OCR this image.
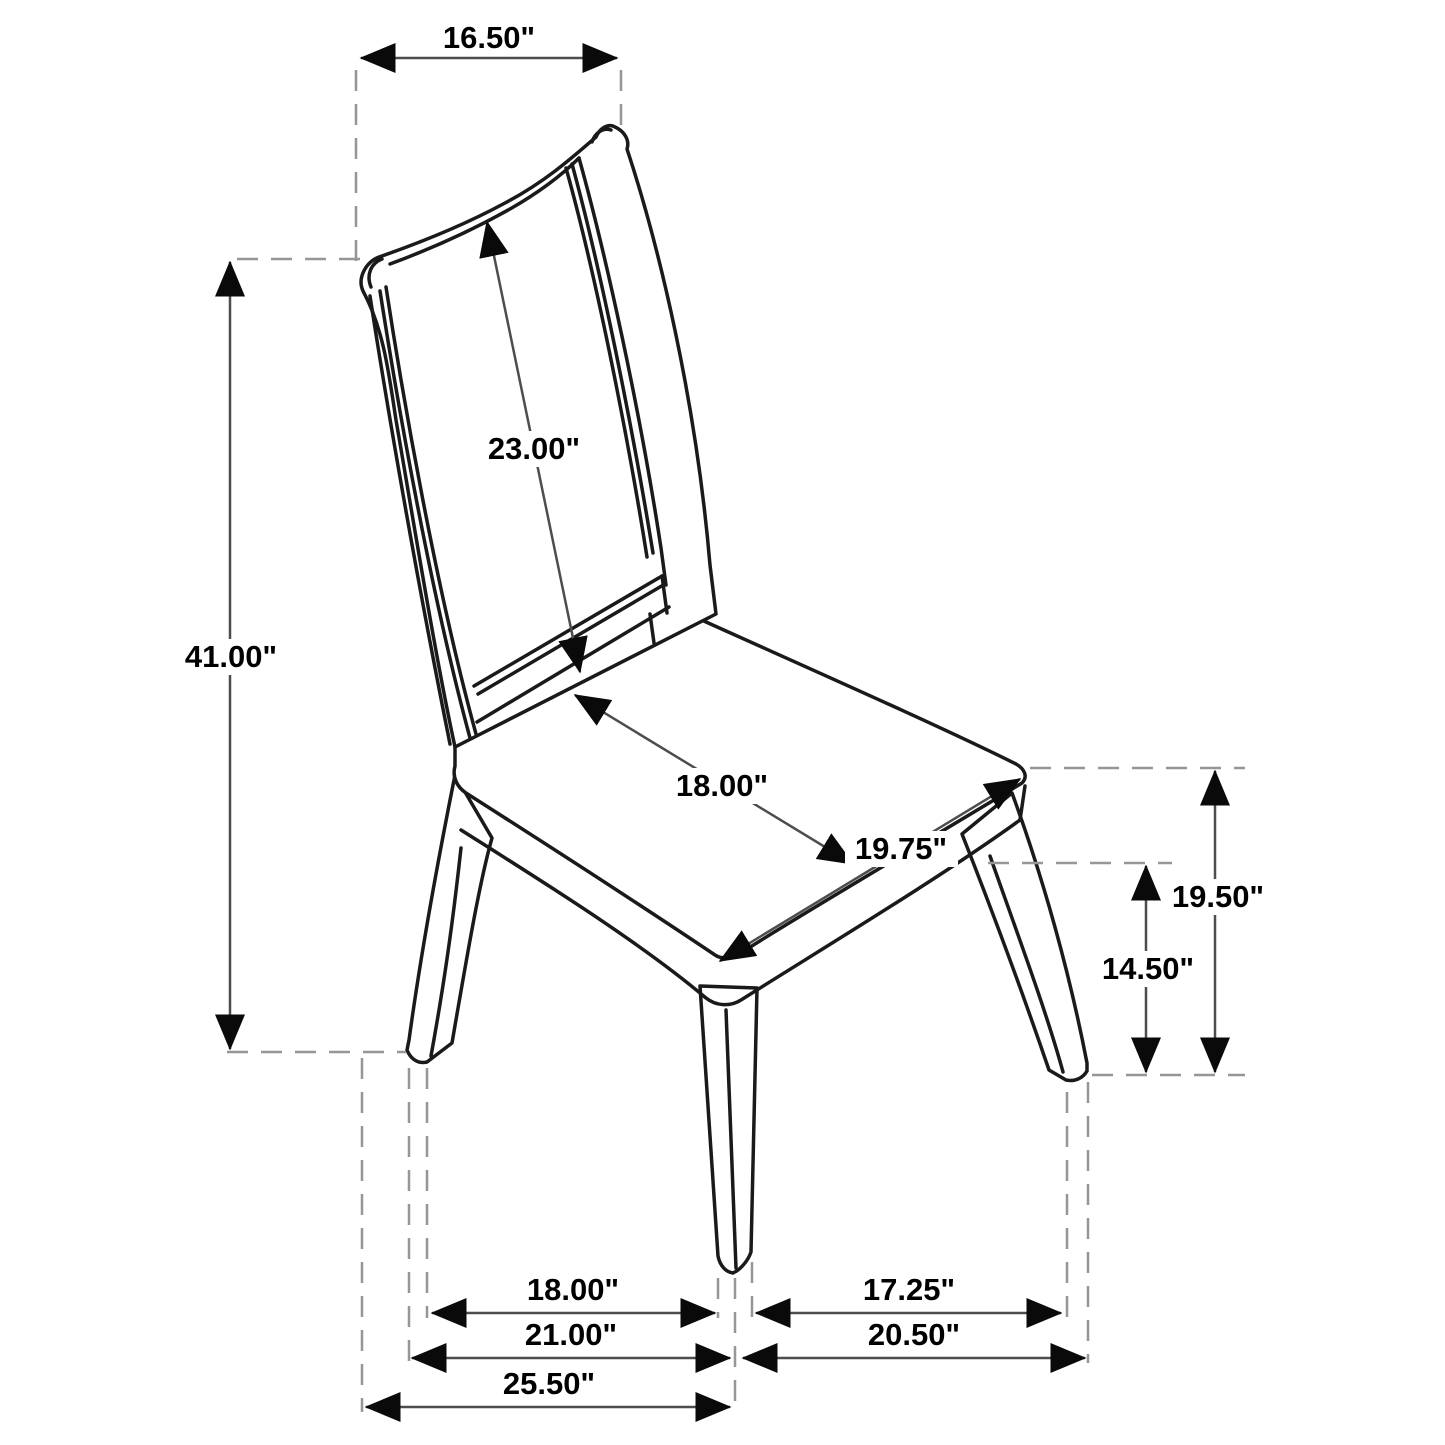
16.50"
41.00"
23.00"
18.00"
19.75"
19.50"
14.50"
18.00"	17.25"
21.00"	20.50"
25.50"
